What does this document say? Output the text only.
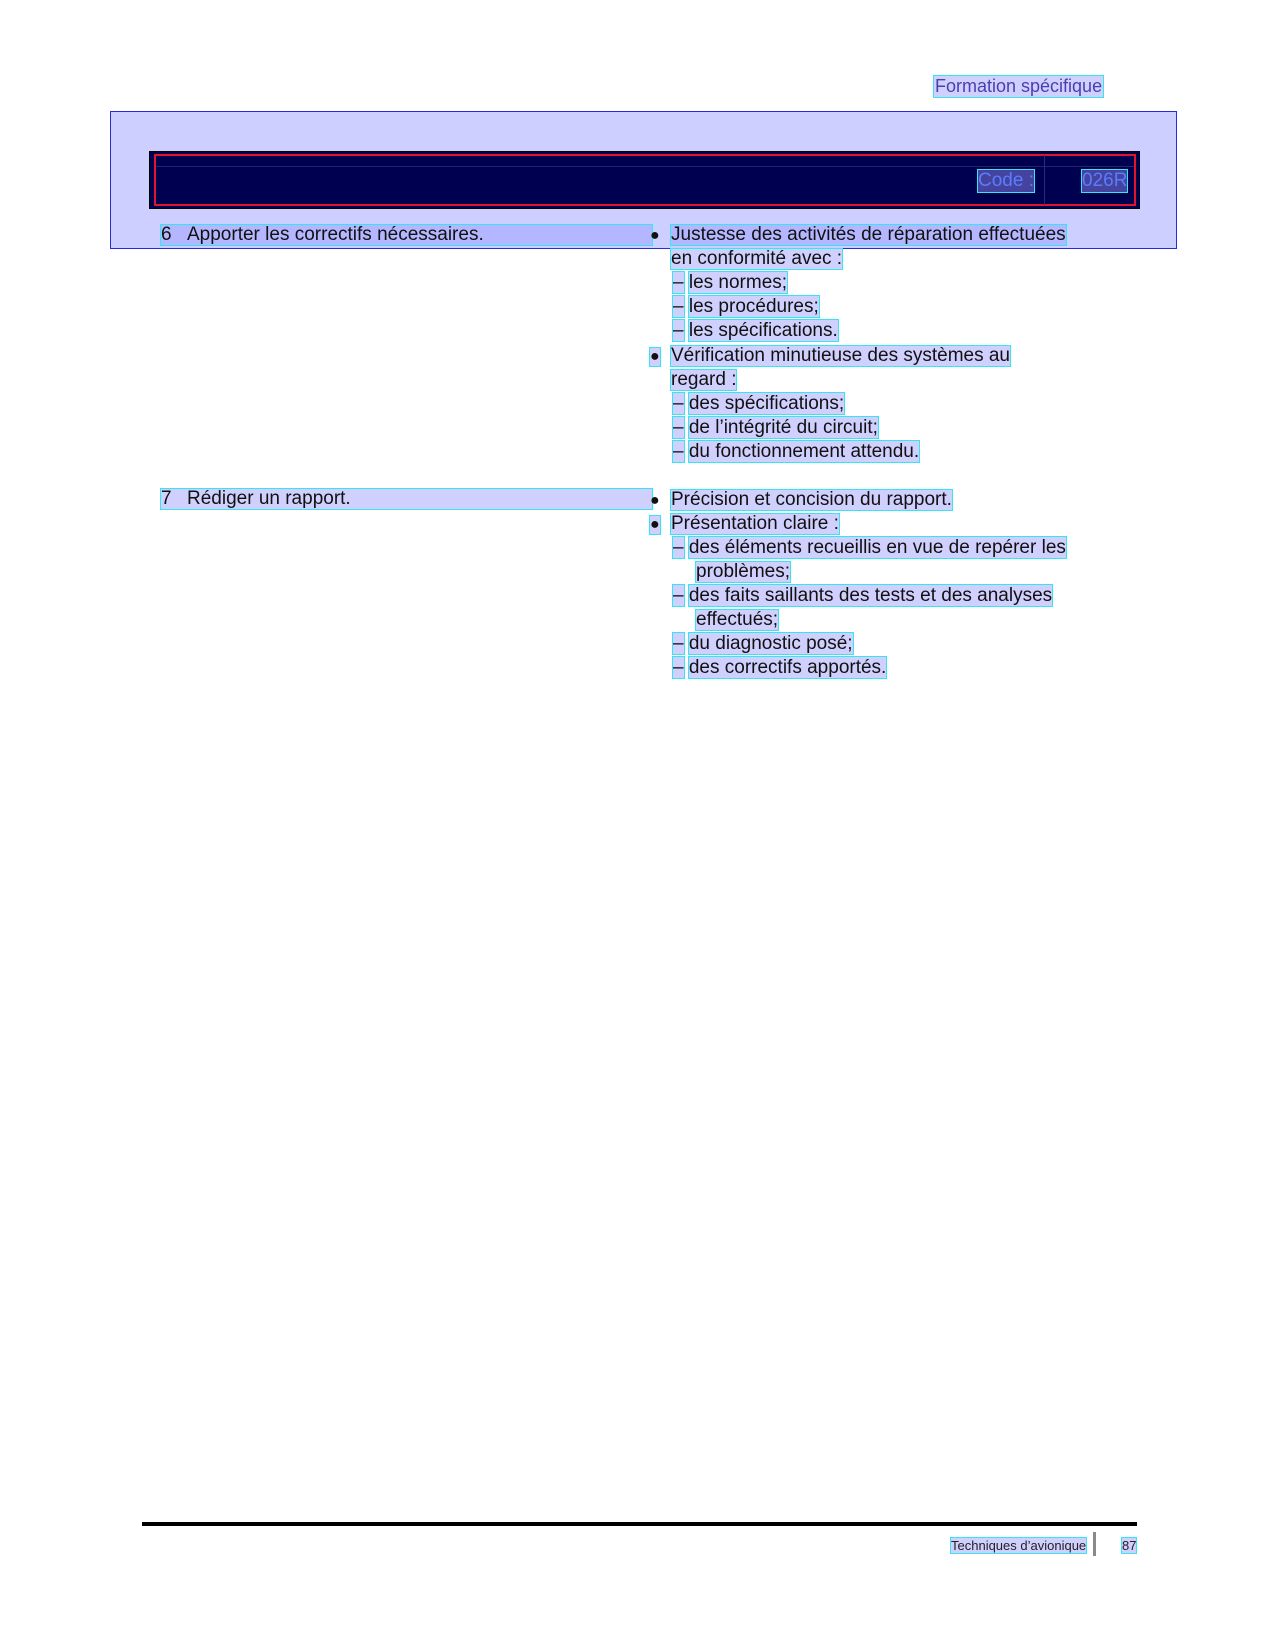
Formation spécifique
Code :	026R
6 Apporter les correctifs nécessaires.	● Justesse des activités de réparation effectuées
en conformité avec :
– les normes;
– les procédures;
– les spécifications.
● Vérification minutieuse des systèmes au
regard :
– des spécifications;
– de l’intégrité du circuit;
– du fonctionnement attendu.
7 Rédiger un rapport.	● Précision et concision du rapport.
● Présentation claire :
– des éléments recueillis en vue de repérer les
problèmes;
– des faits saillants des tests et des analyses
effectués;
– du diagnostic posé;
– des correctifs apportés.
Techniques d’avionique	87
